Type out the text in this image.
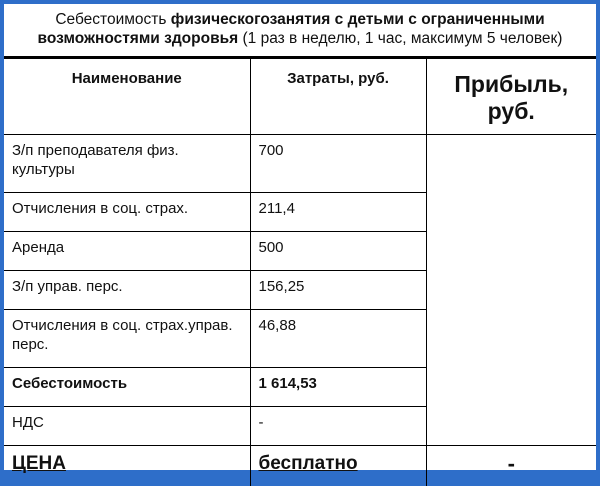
Себестоимость физическогозанятия с детьми с ограниченными возможностями здоровья (1 раз в неделю, 1 час, максимум 5 человек)
Наименование	Затраты, руб.	Прибыль, руб.
З/п преподавателя физ. культуры	700	
Отчисления в соц. страх.	211,4	
Аренда	500	
З/п управ. перс.	156,25	
Отчисления в соц. страх.управ. перс.	46,88	
Себестоимость	1 614,53	
НДС	-	
ЦЕНА	бесплатно	-
